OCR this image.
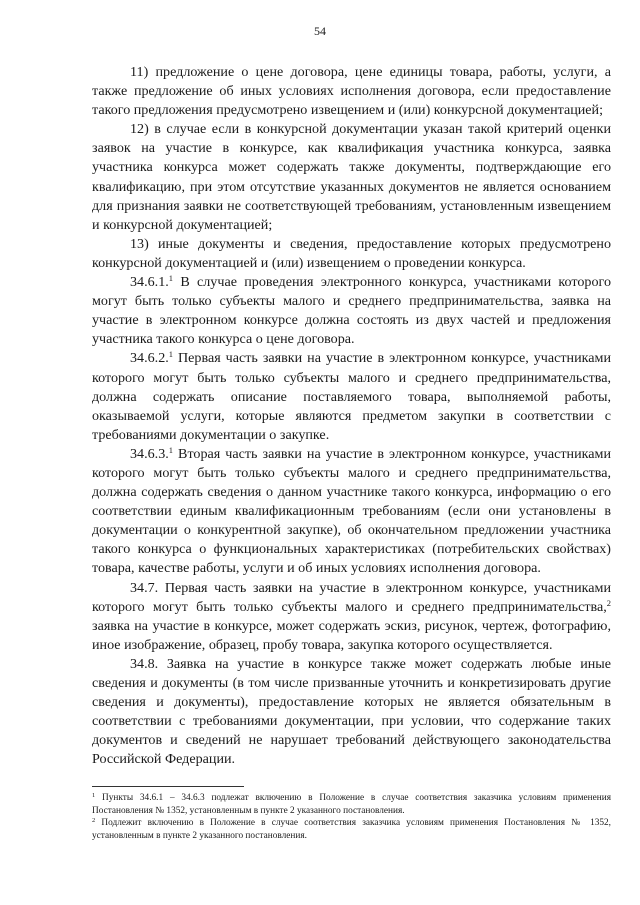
54

11) предложение о цене договора, цене единицы товара, работы, услуги, а также предложение об иных условиях исполнения договора, если предоставление такого предложения предусмотрено извещением и (или) конкурсной документацией;

12) в случае если в конкурсной документации указан такой критерий оценки заявок на участие в конкурсе, как квалификация участника конкурса, заявка участника конкурса может содержать также документы, подтверждающие его квалификацию, при этом отсутствие указанных документов не является основанием для признания заявки не соответствующей требованиям, установленным извещением и конкурсной документацией;

13) иные документы и сведения, предоставление которых предусмотрено конкурсной документацией и (или) извещением о проведении конкурса.

34.6.1.$^1$ В случае проведения электронного конкурса, участниками которого могут быть только субъекты малого и среднего предпринимательства, заявка на участие в электронном конкурсе должна состоять из двух частей и предложения участника такого конкурса о цене договора.

34.6.2.$^1$ Первая часть заявки на участие в электронном конкурсе, участниками которого могут быть только субъекты малого и среднего предпринимательства, должна содержать описание поставляемого товара, выполняемой работы, оказываемой услуги, которые являются предметом закупки в соответствии с требованиями документации о закупке.

34.6.3.$^1$ Вторая часть заявки на участие в электронном конкурсе, участниками которого могут быть только субъекты малого и среднего предпринимательства, должна содержать сведения о данном участнике такого конкурса, информацию о его соответствии единым квалификационным требованиям (если они установлены в документации о конкурентной закупке), об окончательном предложении участника такого конкурса о функциональных характеристиках (потребительских свойствах) товара, качестве работы, услуги и об иных условиях исполнения договора.

34.7. Первая часть заявки на участие в электронном конкурсе, участниками которого могут быть только субъекты малого и среднего предпринимательства,$^2$ заявка на участие в конкурсе, может содержать эскиз, рисунок, чертеж, фотографию, иное изображение, образец, пробу товара, закупка которого осуществляется.

34.8. Заявка на участие в конкурсе также может содержать любые иные сведения и документы (в том числе призванные уточнить и конкретизировать другие сведения и документы), предоставление которых не является обязательным в соответствии с требованиями документации, при условии, что содержание таких документов и сведений не нарушает требований действующего законодательства Российской Федерации.

$^1$ Пункты 34.6.1 – 34.6.3 подлежат включению в Положение в случае соответствия заказчика условиям применения Постановления № 1352, установленным в пункте 2 указанного постановления.

$^2$ Подлежит включению в Положение в случае соответствия заказчика условиям применения Постановления № 1352, установленным в пункте 2 указанного постановления.
